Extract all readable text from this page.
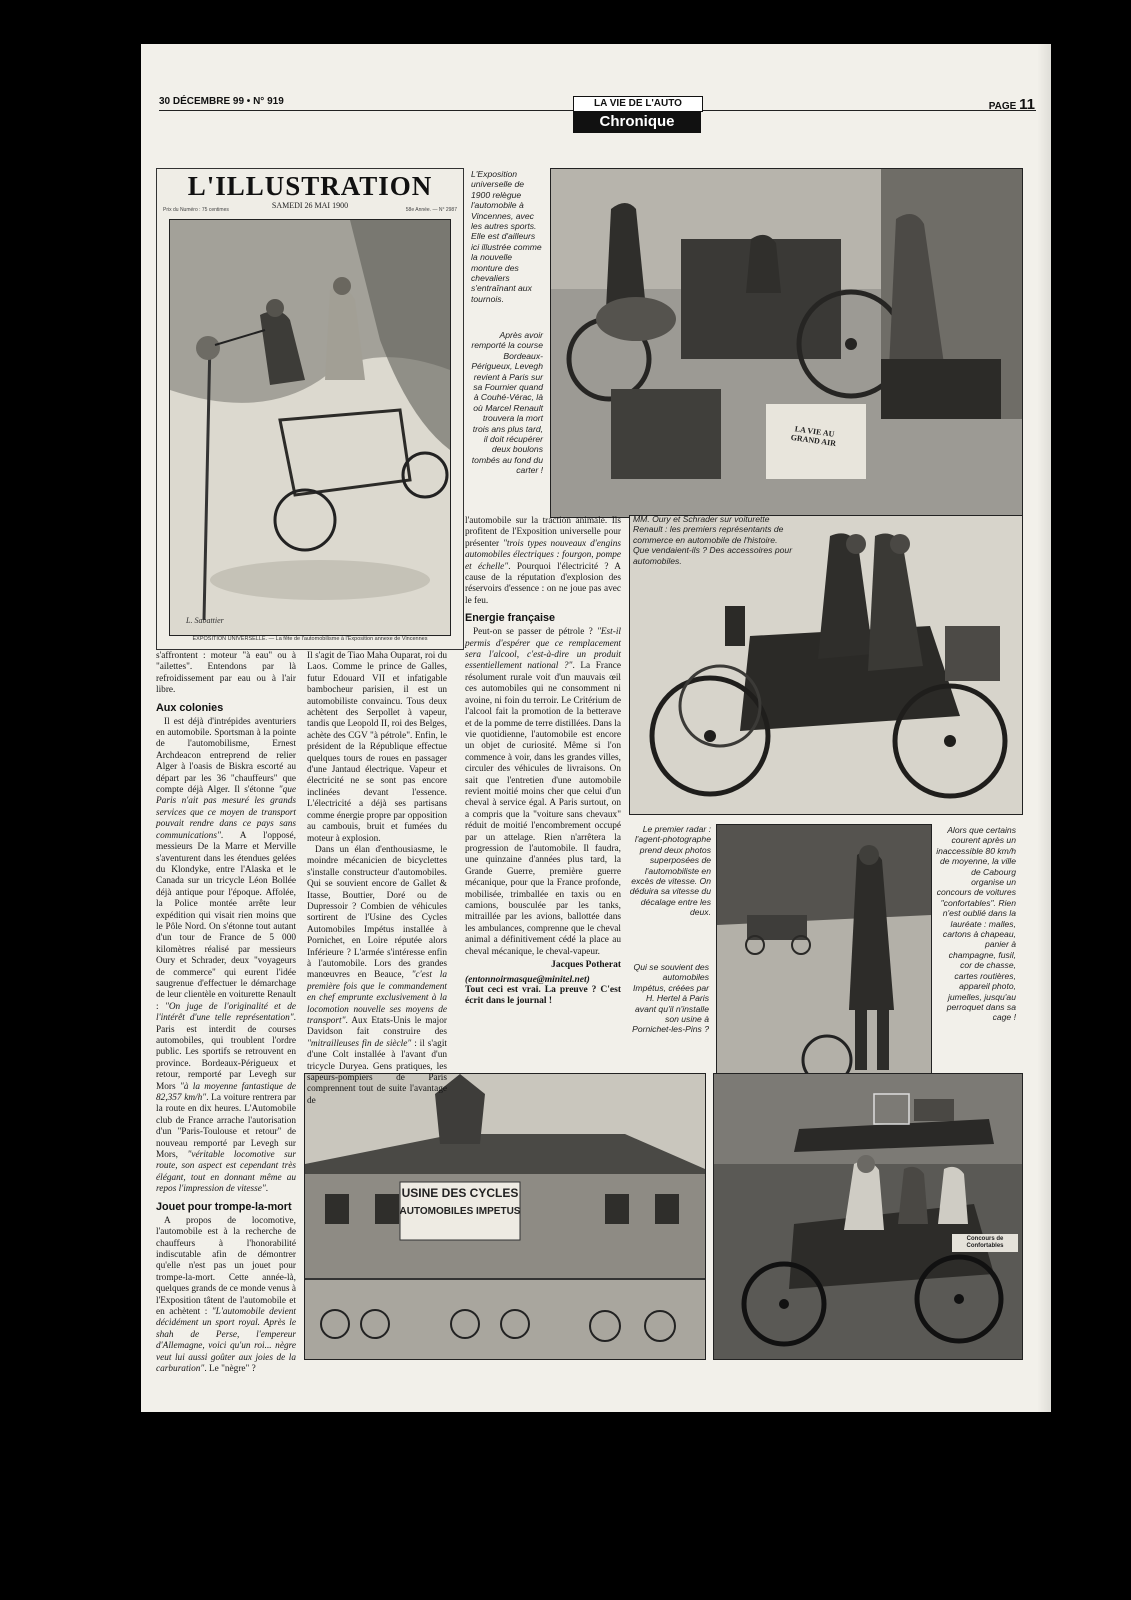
30 DÉCEMBRE 99 • N° 919	LA VIE DE L'AUTO
Chronique
PAGE 11
Prix du Numéro : 75 centimes	58e Année. — N° 2987
L'ILLUSTRATION
SAMEDI 26 MAI 1900
L. Sabattier
EXPOSITION UNIVERSELLE. — La fête de l'automobilisme à l'Exposition annexe de Vincennes
LA VIE AU GRAND AIR
L'Exposition universelle de 1900 relègue l'automobile à Vincennes, avec les autres sports. Elle est d'ailleurs ici illustrée comme la nouvelle monture des chevaliers s'entraînant aux tournois.
Après avoir remporté la course Bordeaux-Périgueux, Levegh revient à Paris sur sa Fournier quand à Couhé-Vérac, là où Marcel Renault trouvera la mort trois ans plus tard, il doit récupérer deux boulons tombés au fond du carter !
MM. Oury et Schrader sur voiturette Renault : les premiers représentants de commerce en automobile de l'histoire. Que vendaient-ils ? Des accessoires pour automobiles.
Le premier radar : l'agent-photographe prend deux photos superposées de l'automobiliste en excès de vitesse. On déduira sa vitesse du décalage entre les deux.
Qui se souvient des automobiles Impétus, créées par H. Hertel à Paris avant qu'il n'installe son usine à Pornichet-les-Pins ?
Alors que certains courent après un inaccessible 80 km/h de moyenne, la ville de Cabourg organise un concours de voitures "confortables". Rien n'est oublié dans la lauréate : malles, cartons à chapeau, panier à champagne, fusil, cor de chasse, cartes routières, appareil photo, jumelles, jusqu'au perroquet dans sa cage !
USINE DES CYCLES
AUTOMOBILES IMPETUS
Concours de Confortables

s'affrontent : moteur "à eau" ou à "ailettes". Entendons par là refroidissement par eau ou à l'air libre.

Aux colonies

Il est déjà d'intrépides aventuriers en automobile. Sportsman à la pointe de l'automobilisme, Ernest Archdeacon entreprend de relier Alger à l'oasis de Biskra escorté au départ par les 36 "chauffeurs" que compte déjà Alger. Il s'étonne "que Paris n'ait pas mesuré les grands services que ce moyen de transport pouvait rendre dans ce pays sans communications". A l'opposé, messieurs De la Marre et Merville s'aventurent dans les étendues gelées du Klondyke, entre l'Alaska et le Canada sur un tricycle Léon Bollée déjà antique pour l'époque. Affolée, la Police montée arrête leur expédition qui visait rien moins que le Pôle Nord. On s'étonne tout autant d'un tour de France de 5 000 kilomètres réalisé par messieurs Oury et Schrader, deux "voyageurs de commerce" qui eurent l'idée saugrenue d'effectuer le démarchage de leur clientèle en voiturette Renault : "On juge de l'originalité et de l'intérêt d'une telle représentation". Paris est interdit de courses automobiles, qui troublent l'ordre public. Les sportifs se retrouvent en province. Bordeaux-Périgueux et retour, remporté par Levegh sur Mors "à la moyenne fantastique de 82,357 km/h". La voiture rentrera par la route en dix heures. L'Automobile club de France arrache l'autorisation d'un "Paris-Toulouse et retour" de nouveau remporté par Levegh sur Mors, "véritable locomotive sur route, son aspect est cependant très élégant, tout en donnant même au repos l'impression de vitesse".

Jouet pour trompe-la-mort

A propos de locomotive, l'automobile est à la recherche de chauffeurs à l'honorabilité indiscutable afin de démontrer qu'elle n'est pas un jouet pour trompe-la-mort. Cette année-là, quelques grands de ce monde venus à l'Exposition tâtent de l'automobile et en achètent : "L'automobile devient décidément un sport royal. Après le shah de Perse, l'empereur d'Allemagne, voici qu'un roi... nègre veut lui aussi goûter aux joies de la carburation". Le "nègre" ?

Il s'agit de Tiao Maha Ouparat, roi du Laos. Comme le prince de Galles, futur Edouard VII et infatigable bambocheur parisien, il est un automobiliste convaincu. Tous deux achètent des Serpollet à vapeur, tandis que Leopold II, roi des Belges, achète des CGV "à pétrole". Enfin, le président de la République effectue quelques tours de roues en passager d'une Jantaud électrique. Vapeur et électricité ne se sont pas encore inclinées devant l'essence. L'électricité a déjà ses partisans comme énergie propre par opposition au cambouis, bruit et fumées du moteur à explosion.

Dans un élan d'enthousiasme, le moindre mécanicien de bicyclettes s'installe constructeur d'automobiles. Qui se souvient encore de Gallet & Itasse, Bouttier, Doré ou de Dupressoir ? Combien de véhicules sortirent de l'Usine des Cycles Automobiles Impétus installée à Pornichet, en Loire réputée alors Inférieure ? L'armée s'intéresse enfin à l'automobile. Lors des grandes manœuvres en Beauce, "c'est la première fois que le commandement en chef emprunte exclusivement à la locomotion nouvelle ses moyens de transport". Aux Etats-Unis le major Davidson fait construire des "mitrailleuses fin de siècle" : il s'agit d'une Colt installée à l'avant d'un tricycle Duryea. Gens pratiques, les sapeurs-pompiers de Paris comprennent tout de suite l'avantage de

l'automobile sur la traction animale. Ils profitent de l'Exposition universelle pour présenter "trois types nouveaux d'engins automobiles électriques : fourgon, pompe et échelle". Pourquoi l'électricité ? A cause de la réputation d'explosion des réservoirs d'essence : on ne joue pas avec le feu.

Energie française

Peut-on se passer de pétrole ? "Est-il permis d'espérer que ce remplacement sera l'alcool, c'est-à-dire un produit essentiellement national ?". La France résolument rurale voit d'un mauvais œil ces automobiles qui ne consomment ni avoine, ni foin du terroir. Le Critérium de l'alcool fait la promotion de la betterave et de la pomme de terre distillées. Dans la vie quotidienne, l'automobile est encore un objet de curiosité. Même si l'on commence à voir, dans les grandes villes, circuler des véhicules de livraisons. On sait que l'entretien d'une automobile revient moitié moins cher que celui d'un cheval à service égal. A Paris surtout, on a compris que la "voiture sans chevaux" réduit de moitié l'encombrement occupé par un attelage. Rien n'arrêtera la progression de l'automobile. Il faudra, une quinzaine d'années plus tard, la Grande Guerre, première guerre mécanique, pour que la France profonde, mobilisée, trimballée en taxis ou en camions, bousculée par les tanks, mitraillée par les avions, ballottée dans les ambulances, comprenne que le cheval animal a définitivement cédé la place au cheval mécanique, le cheval-vapeur.

Jacques Potherat
(entonnoirmasque@minitel.net)
Tout ceci est vrai. La preuve ? C'est écrit dans le journal !
